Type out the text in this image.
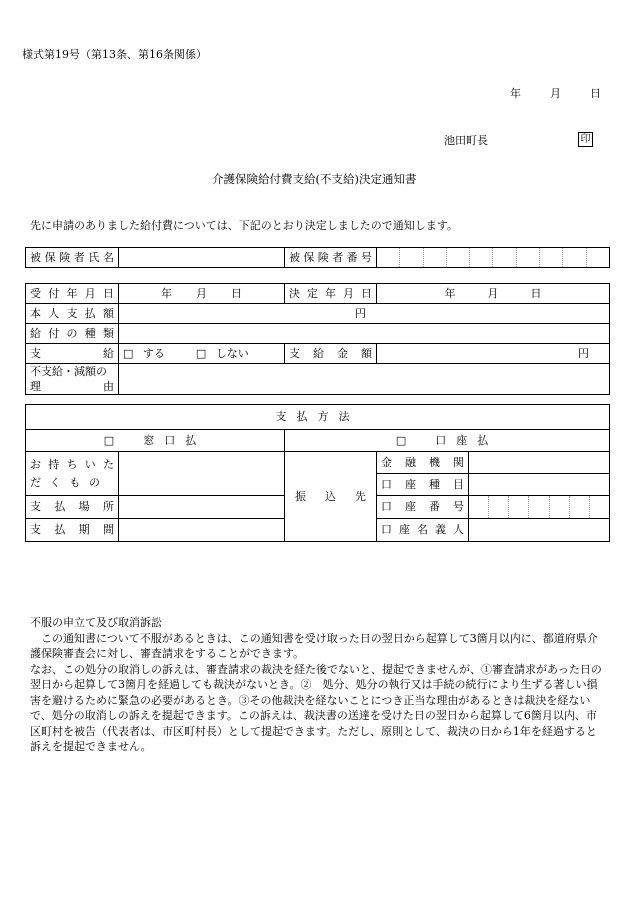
様式第19号（第13条、第16条関係）
年	月	日
池田町長	印
介護保険給付費支給(不支給)決定通知書
先に申請のありました給付費については、下記のとおり決定しましたので通知します。
被保険者氏名		被保険者番号

受付年月日	年 月 日	決定年月日	年 月 日

本人支払額	円		

給付の種類			

支 給	□ する □ しない	支給金額	円

不支給・減額の
理 由			

支払方法				
□ 窓口払		□ 口座払		

お持ちいた
だくもの		振込先	金融機関	

			口座種目	

支払場所			口座番号	

支払期間			口座名義人	

不服の申立て及び取消訴訟

　この通知書について不服があるときは、この通知書を受け取った日の翌日から起算して3箇月以内に、都道府県介護保険審査会に対し、審査請求をすることができます。

なお、この処分の取消しの訴えは、審査請求の裁決を経た後でないと、提起できませんが、①審査請求があった日の翌日から起算して3箇月を経過しても裁決がないとき。②　処分、処分の執行又は手続の続行により生ずる著しい損害を避けるために緊急の必要があるとき。③その他裁決を経ないことにつき正当な理由があるときは裁決を経ないで、処分の取消しの訴えを提起できます。この訴えは、裁決書の送達を受けた日の翌日から起算して6箇月以内、市区町村を被告（代表者は、市区町村長）として提起できます。ただし、原則として、裁決の日から1年を経過すると訴えを提起できません。
